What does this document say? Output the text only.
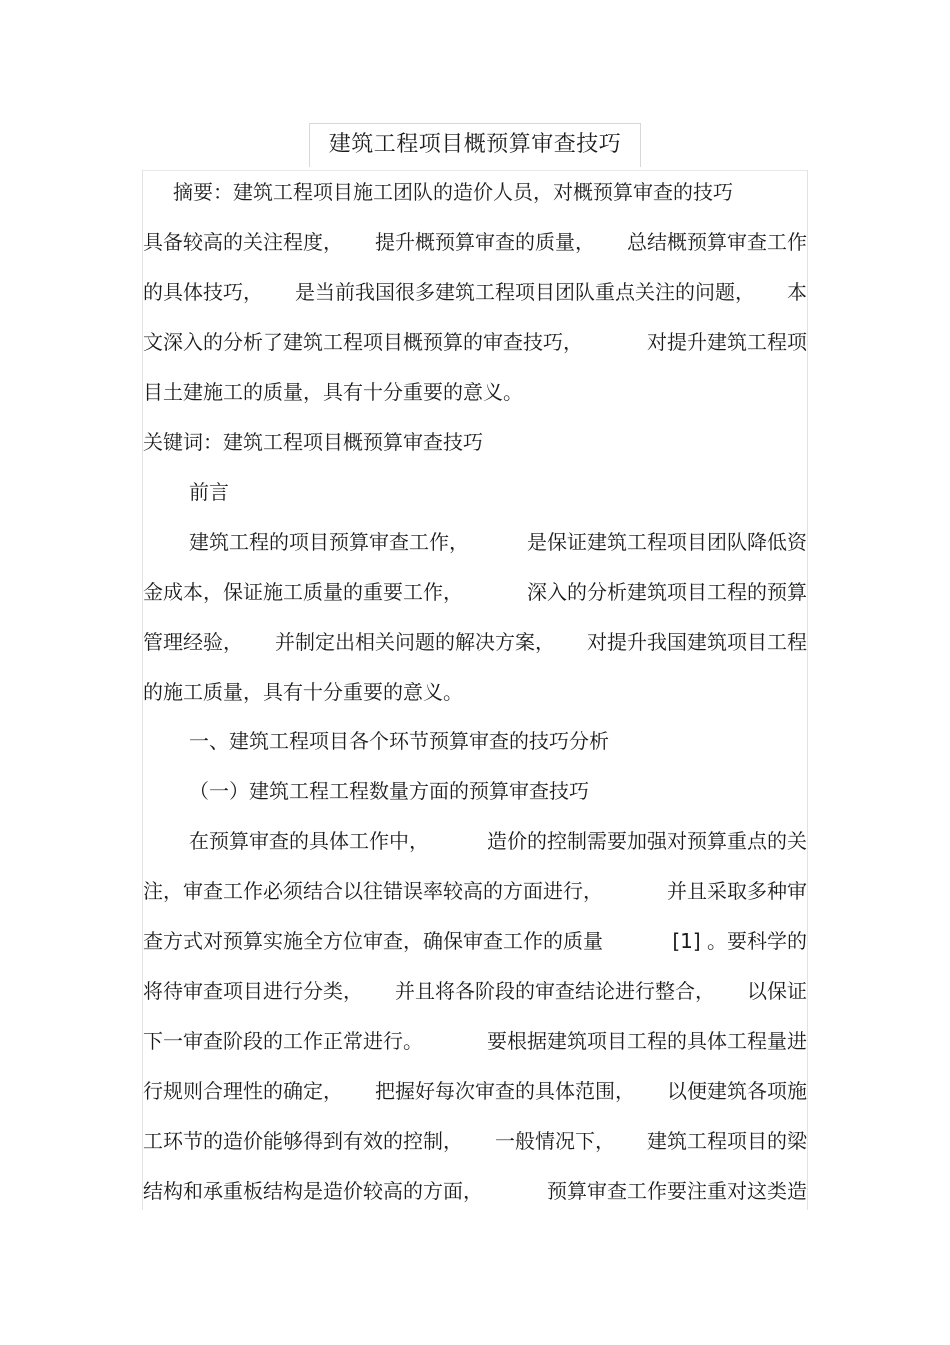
建筑工程项目概预算审查技巧
摘要：建筑工程项目施工团队的造价人员，对概预算审查的技巧
具备较高的关注程度， 提升概预算审查的质量， 总结概预算审查工作
的具体技巧， 是当前我国很多建筑工程项目团队重点关注的问题， 本
文深入的分析了建筑工程项目概预算的审查技巧，	对提升建筑工程项
目土建施工的质量，具有十分重要的意义。
关键词：建筑工程项目概预算审查技巧
前言
建筑工程的项目预算审查工作，	是保证建筑工程项目团队降低资
金成本，保证施工质量的重要工作，	深入的分析建筑项目工程的预算
管理经验， 并制定出相关问题的解决方案， 对提升我国建筑项目工程
的施工质量，具有十分重要的意义。
一、建筑工程项目各个环节预算审查的技巧分析
（一）建筑工程工程数量方面的预算审查技巧
在预算审查的具体工作中，	造价的控制需要加强对预算重点的关
注，审查工作必须结合以往错误率较高的方面进行，	并且采取多种审
查方式对预算实施全方位审查，确保审查工作的质量	[1] 。要科学的
将待审查项目进行分类， 并且将各阶段的审查结论进行整合， 以保证
下一审查阶段的工作正常进行。	要根据建筑项目工程的具体工程量进
行规则合理性的确定， 把握好每次审查的具体范围， 以便建筑各项施
工环节的造价能够得到有效的控制， 一般情况下， 建筑工程项目的梁
结构和承重板结构是造价较高的方面，	预算审查工作要注重对这类造
